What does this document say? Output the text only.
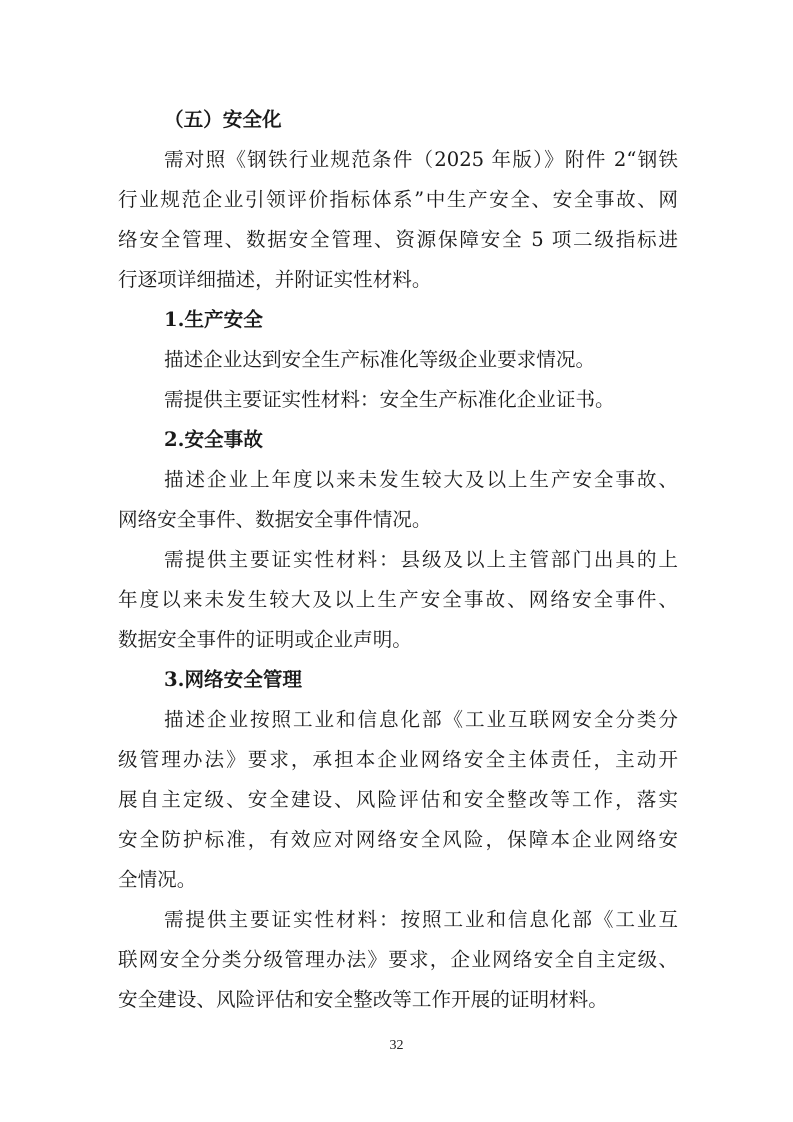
（五）安全化
需对照《钢铁行业规范条件（2025 年版）》附件 2“钢铁
行业规范企业引领评价指标体系”中生产安全、安全事故、网
络安全管理、数据安全管理、资源保障安全 5 项二级指标进
行逐项详细描述，并附证实性材料。
1.生产安全
描述企业达到安全生产标准化等级企业要求情况。
需提供主要证实性材料：安全生产标准化企业证书。
2.安全事故
描述企业上年度以来未发生较大及以上生产安全事故、
网络安全事件、数据安全事件情况。
需提供主要证实性材料：县级及以上主管部门出具的上
年度以来未发生较大及以上生产安全事故、网络安全事件、
数据安全事件的证明或企业声明。
3.网络安全管理
描述企业按照工业和信息化部《工业互联网安全分类分
级管理办法》要求，承担本企业网络安全主体责任，主动开
展自主定级、安全建设、风险评估和安全整改等工作，落实
安全防护标准，有效应对网络安全风险，保障本企业网络安
全情况。
需提供主要证实性材料：按照工业和信息化部《工业互
联网安全分类分级管理办法》要求，企业网络安全自主定级、
安全建设、风险评估和安全整改等工作开展的证明材料。
32
